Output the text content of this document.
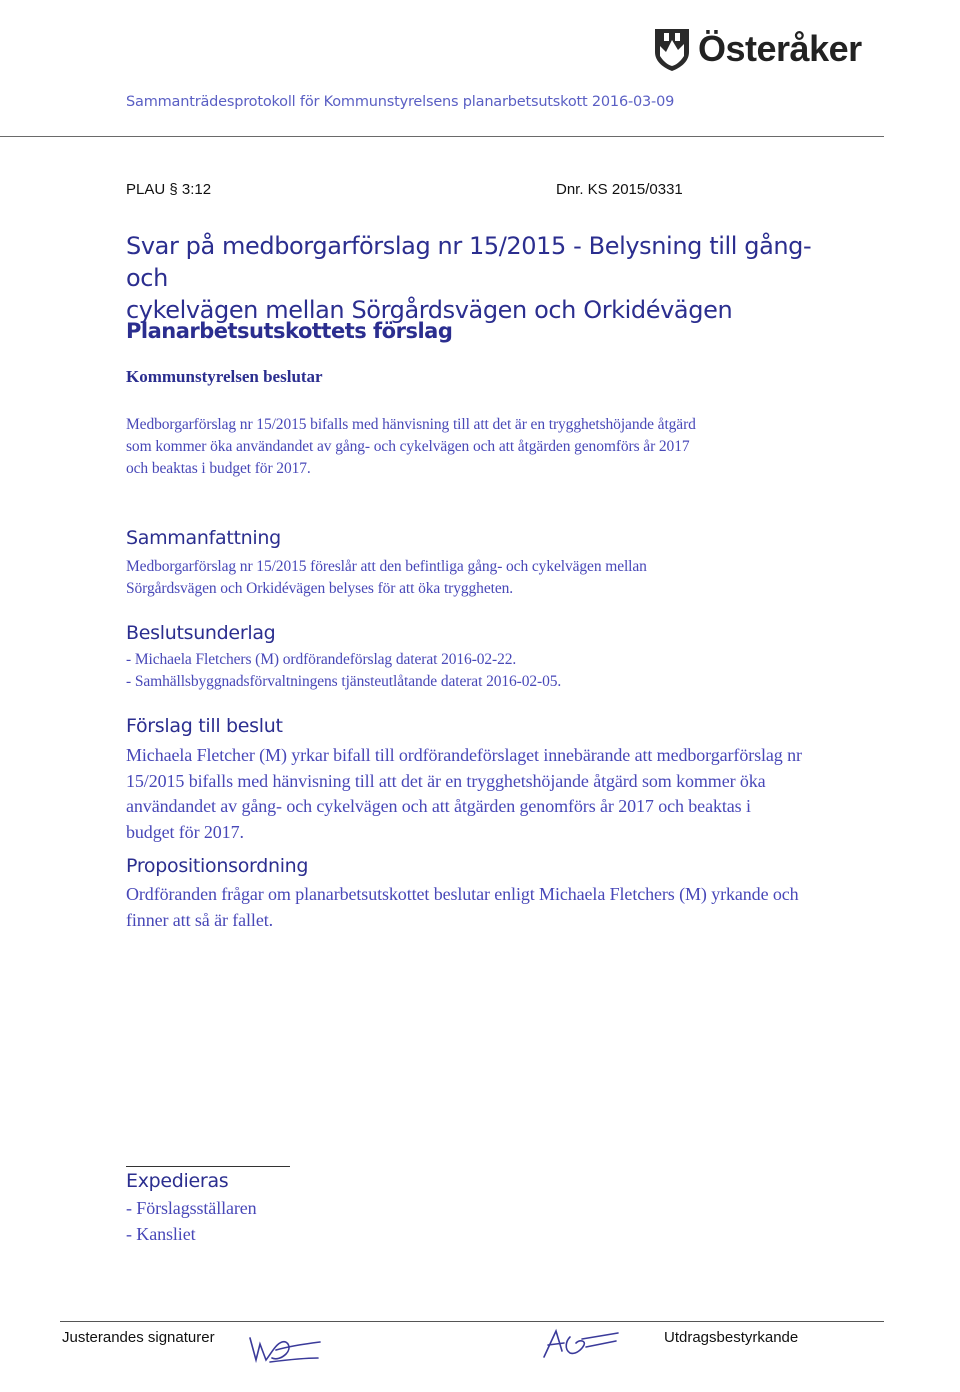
Österåker
Sammanträdesprotokoll för Kommunstyrelsens planarbetsutskott 2016-03-09
PLAU § 3:12	Dnr. KS 2015/0331
Svar på medborgarförslag nr 15/2015 - Belysning till gång- och
cykelvägen mellan Sörgårdsvägen och Orkidévägen
Planarbetsutskottets förslag
Kommunstyrelsen beslutar
Medborgarförslag nr 15/2015 bifalls med hänvisning till att det är en trygghetshöjande åtgärd
som kommer öka användandet av gång- och cykelvägen och att åtgärden genomförs år 2017
och beaktas i budget för 2017.
Sammanfattning
Medborgarförslag nr 15/2015 föreslår att den befintliga gång- och cykelvägen mellan
Sörgårdsvägen och Orkidévägen belyses för att öka tryggheten.
Beslutsunderlag
- Michaela Fletchers (M) ordförandeförslag daterat 2016-02-22.
- Samhällsbyggnadsförvaltningens tjänsteutlåtande daterat 2016-02-05.
Förslag till beslut
Michaela Fletcher (M) yrkar bifall till ordförandeförslaget innebärande att medborgarförslag nr
15/2015 bifalls med hänvisning till att det är en trygghetshöjande åtgärd som kommer öka
användandet av gång- och cykelvägen och att åtgärden genomförs år 2017 och beaktas i
budget för 2017.
Propositionsordning
Ordföranden frågar om planarbetsutskottet beslutar enligt Michaela Fletchers (M) yrkande och
finner att så är fallet.
Expedieras
- Förslagsställaren
- Kansliet
Justerandes signaturer	Utdragsbestyrkande
